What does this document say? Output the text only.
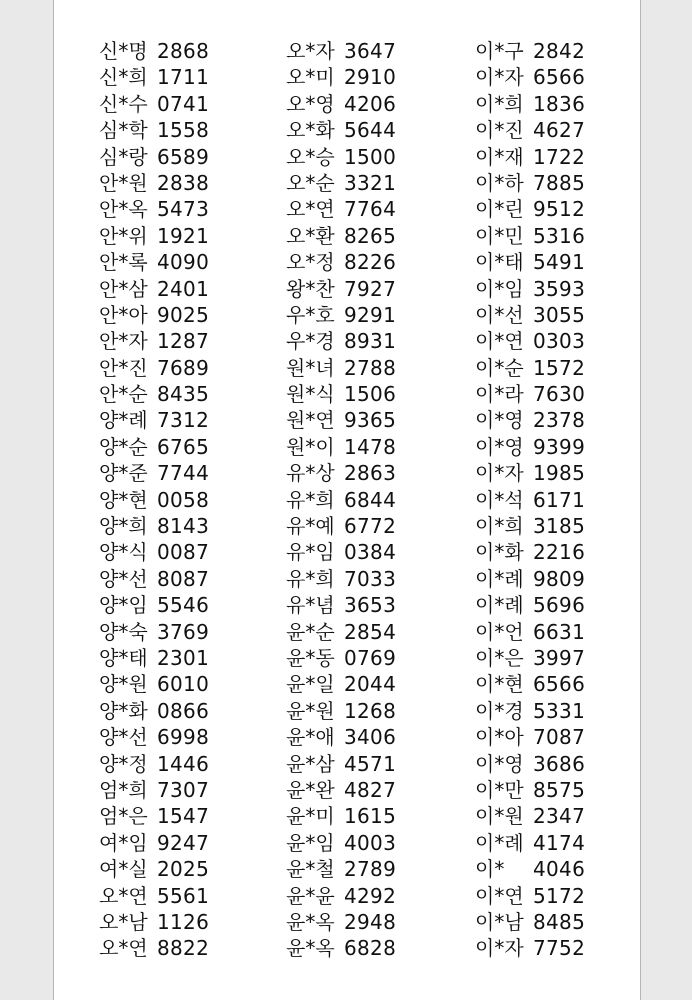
신*명 2868
신*희 1711
신*수 0741
심*학 1558
심*랑 6589
안*원 2838
안*옥 5473
안*위 1921
안*록 4090
안*삼 2401
안*아 9025
안*자 1287
안*진 7689
안*순 8435
양*례 7312
양*순 6765
양*준 7744
양*현 0058
양*희 8143
양*식 0087
양*선 8087
양*임 5546
양*숙 3769
양*태 2301
양*원 6010
양*화 0866
양*선 6998
양*정 1446
엄*희 7307
엄*은 1547
여*임 9247
여*실 2025
오*연 5561
오*남 1126
오*연 8822
오*자 3647
오*미 2910
오*영 4206
오*화 5644
오*승 1500
오*순 3321
오*연 7764
오*환 8265
오*정 8226
왕*찬 7927
우*호 9291
우*경 8931
원*녀 2788
원*식 1506
원*연 9365
원*이 1478
유*상 2863
유*희 6844
유*예 6772
유*임 0384
유*희 7033
유*념 3653
윤*순 2854
윤*동 0769
윤*일 2044
윤*원 1268
윤*애 3406
윤*삼 4571
윤*완 4827
윤*미 1615
윤*임 4003
윤*철 2789
윤*윤 4292
윤*옥 2948
윤*옥 6828
이*구 2842
이*자 6566
이*희 1836
이*진 4627
이*재 1722
이*하 7885
이*린 9512
이*민 5316
이*태 5491
이*임 3593
이*선 3055
이*연 0303
이*순 1572
이*라 7630
이*영 2378
이*영 9399
이*자 1985
이*석 6171
이*희 3185
이*화 2216
이*례 9809
이*례 5696
이*언 6631
이*은 3997
이*현 6566
이*경 5331
이*아 7087
이*영 3686
이*만 8575
이*원 2347
이*례 4174
이* 4046
이*연 5172
이*남 8485
이*자 7752
